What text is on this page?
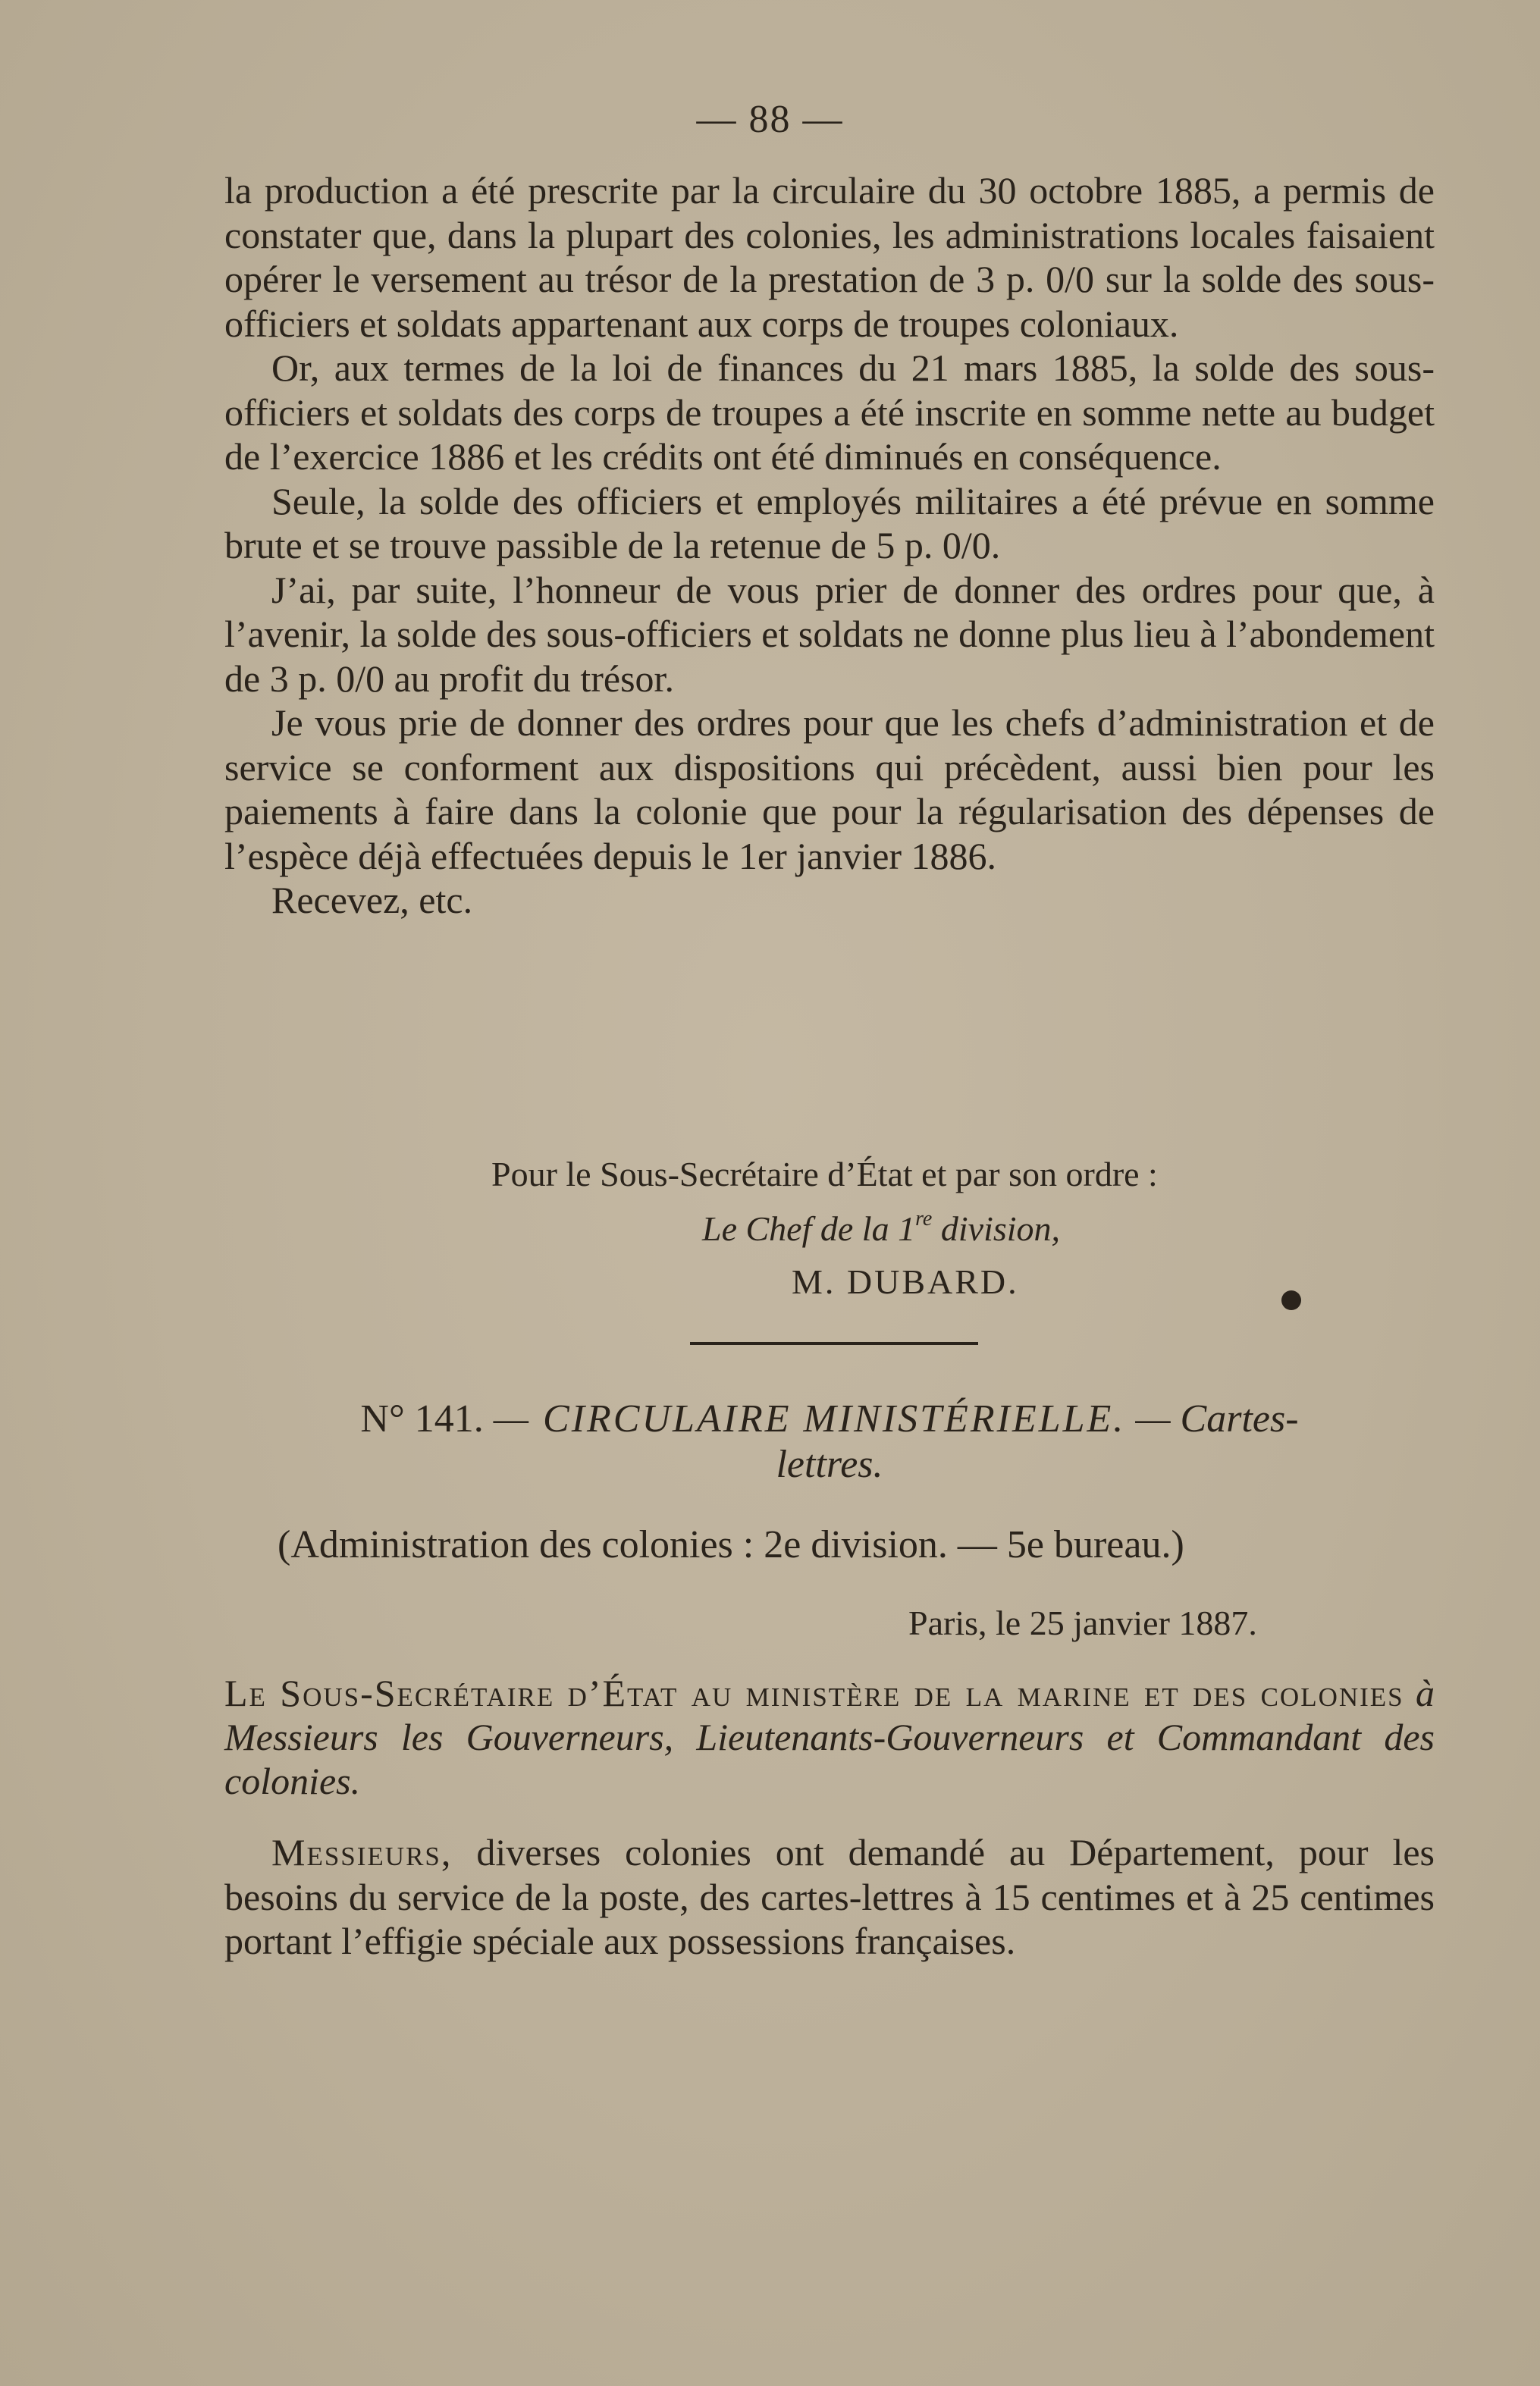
— 88 —

la production a été prescrite par la circulaire du 30 octobre 1885, a permis de constater que, dans la plupart des colonies, les administrations locales faisaient opérer le versement au trésor de la prestation de 3 p. 0/0 sur la solde des sous-officiers et soldats appartenant aux corps de troupes coloniaux.

Or, aux termes de la loi de finances du 21 mars 1885, la solde des sous-officiers et soldats des corps de troupes a été inscrite en somme nette au budget de l’exercice 1886 et les crédits ont été diminués en conséquence.

Seule, la solde des officiers et employés militaires a été prévue en somme brute et se trouve passible de la retenue de 5 p. 0/0.

J’ai, par suite, l’honneur de vous prier de donner des ordres pour que, à l’avenir, la solde des sous-officiers et soldats ne donne plus lieu à l’abondement de 3 p. 0/0 au profit du trésor.

Je vous prie de donner des ordres pour que les chefs d’administration et de service se conforment aux dispositions qui précèdent, aussi bien pour les paiements à faire dans la colonie que pour la régularisation des dépenses de l’espèce déjà effectuées depuis le 1er janvier 1886.

Recevez, etc.

Pour le Sous-Secrétaire d’État et par son ordre :
Le Chef de la 1re division,
M. DUBARD.
N° 141. — CIRCULAIRE MINISTÉRIELLE. — Cartes-
lettres.
(Administration des colonies : 2e division. — 5e bureau.)
Paris, le 25 janvier 1887.

Le Sous-Secrétaire d’État au ministère de la marine et des colonies à Messieurs les Gouverneurs, Lieutenants-Gouverneurs et Commandant des colonies.

Messieurs, diverses colonies ont demandé au Département, pour les besoins du service de la poste, des cartes-lettres à 15 centimes et à 25 centimes portant l’effigie spéciale aux possessions françaises.
